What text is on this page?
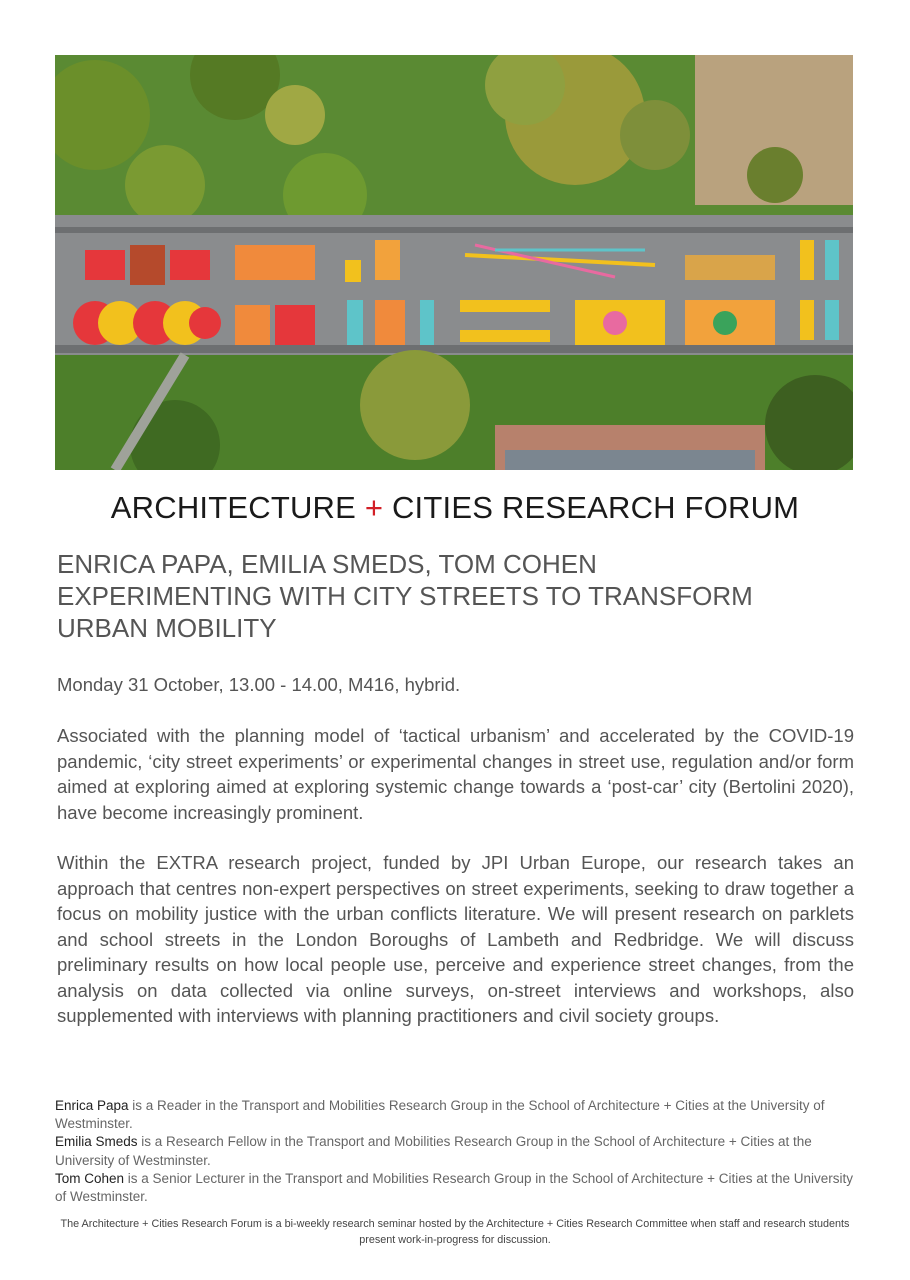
ARCHITECTURE + CITIES RESEARCH FORUM
ENRICA PAPA, EMILIA SMEDS, TOM COHEN
EXPERIMENTING WITH CITY STREETS TO TRANSFORM
URBAN MOBILITY
Monday 31 October, 13.00 - 14.00, M416, hybrid.

Associated with the planning model of ‘tactical urbanism’ and accelerated by the COVID-19 pandemic, ‘city street experiments’ or experimental changes in street use, regulation and/or form aimed at exploring aimed at exploring systemic change towards a ‘post-car’ city (Bertolini 2020), have become increasingly prominent.

Within the EXTRA research project, funded by JPI Urban Europe, our research takes an approach that centres non-expert perspectives on street experiments, seeking to draw together a focus on mobility justice with the urban conflicts literature. We will present research on parklets and school streets in the London Boroughs of Lambeth and Redbridge. We will discuss preliminary results on how local people use, perceive and experience street changes, from the analysis on data collected via online surveys, on-street interviews and workshops, also supplemented with interviews with planning practitioners and civil society groups.

Enrica Papa is a Reader in the Transport and Mobilities Research Group in the School of Architecture + Cities at the University of Westminster.

Emilia Smeds is a Research Fellow in the Transport and Mobilities Research Group in the School of Architecture + Cities at the University of Westminster.

Tom Cohen is a Senior Lecturer in the Transport and Mobilities Research Group in the School of Architecture + Cities at the University of Westminster.

The Architecture + Cities Research Forum is a bi-weekly research seminar hosted by the Architecture + Cities Research Committee when staff and research students present work-in-progress for discussion.
